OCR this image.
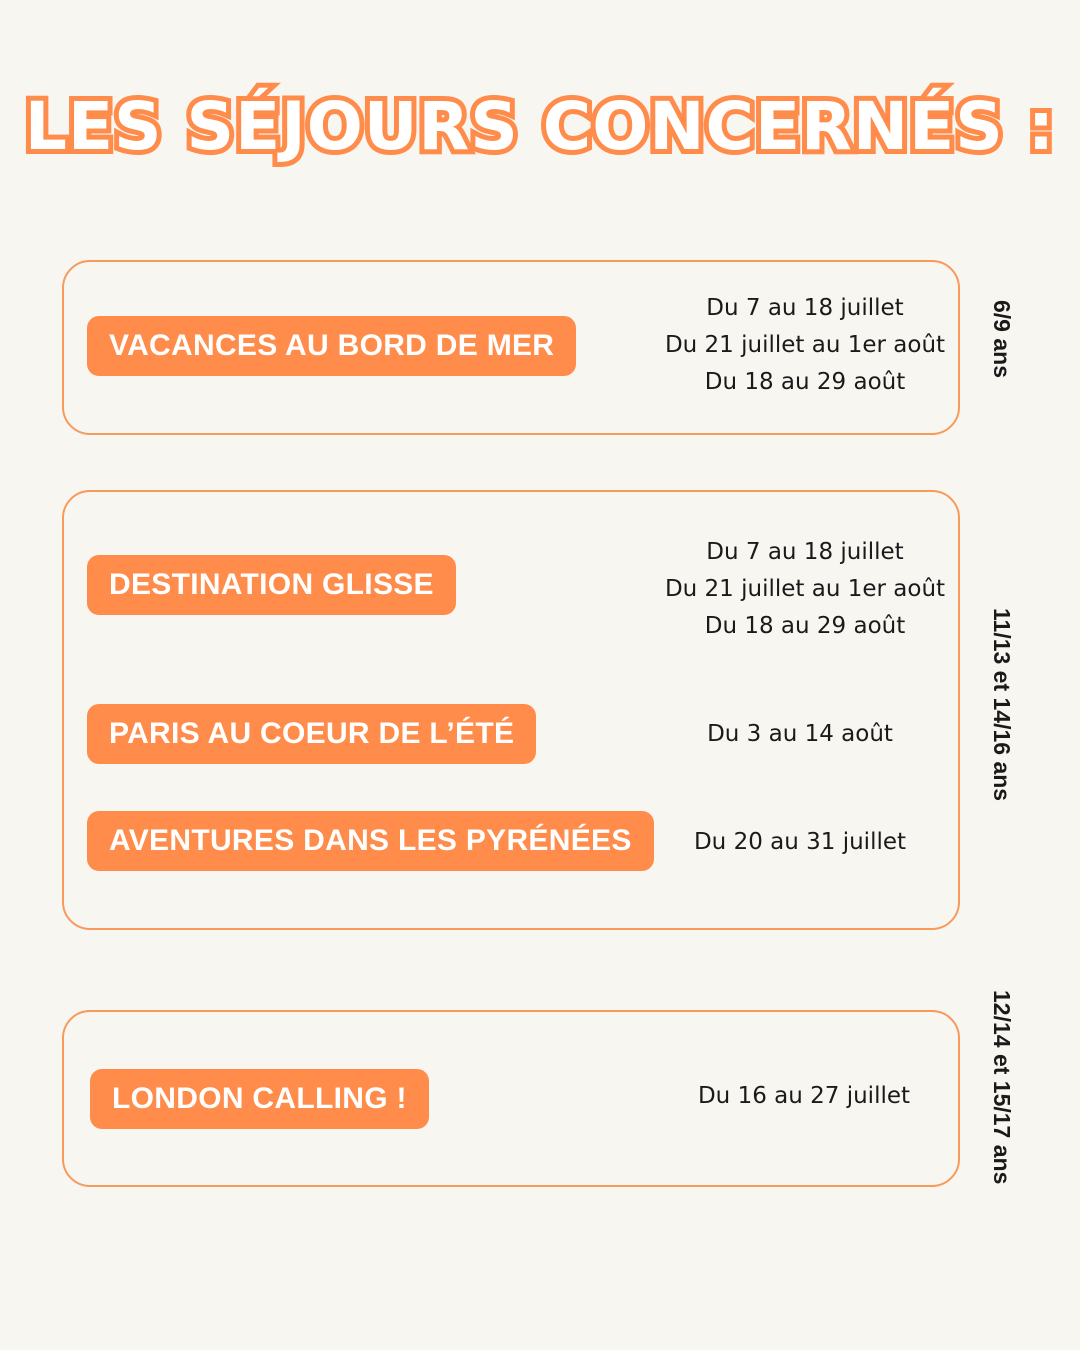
LES SÉJOURS CONCERNÉS :
VACANCES AU BORD DE MER
Du 7 au 18 juillet
Du 21 juillet au 1er août
Du 18 au 29 août
6/9 ans
DESTINATION GLISSE
Du 7 au 18 juillet
Du 21 juillet au 1er août
Du 18 au 29 août
PARIS AU COEUR DE L’ÉTÉ	Du 3 au 14 août
AVENTURES DANS LES PYRÉNÉES	Du 20 au 31 juillet
11/13 et 14/16 ans
LONDON CALLING !	Du 16 au 27 juillet	12/14 et 15/17 ans
